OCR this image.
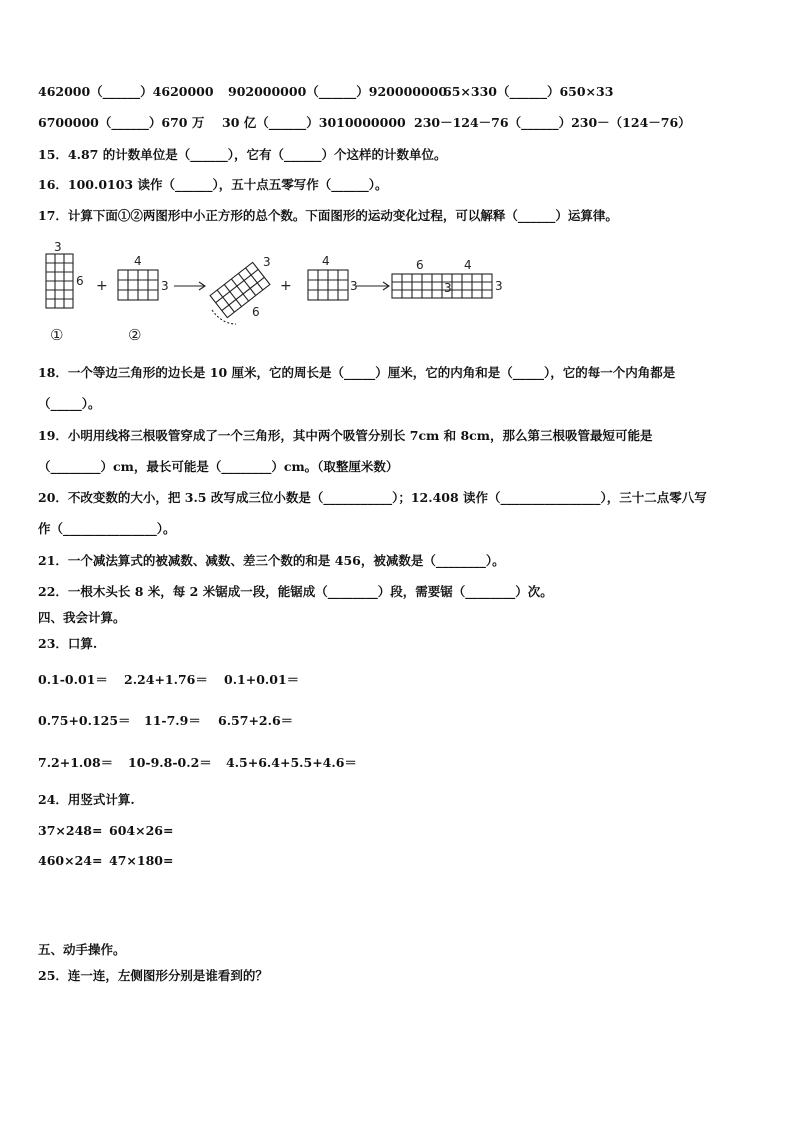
462000（______）4620000 902000000（______）920000000
65×330（______）650×33
6700000（______）670 万 30 亿（______）3010000000 230－124－76（______）230－（124－76）
15．4.87 的计数单位是（______），它有（______）个这样的计数单位。
16．100.0103 读作（______），五十点五零写作（______）。
17．计算下面①②两图形中小正方形的总个数。下面图形的运动变化过程，可以解释（______）运算律。
3
6
①
+
4
3
②
3
6
+
4
3
6	4
3	3
18．一个等边三角形的边长是 10 厘米，它的周长是（_____）厘米，它的内角和是（_____），它的每一个内角都是
（_____）。
19．小明用线将三根吸管穿成了一个三角形，其中两个吸管分别长 7cm 和 8cm，那么第三根吸管最短可能是
（________）cm，最长可能是（________）cm。（取整厘米数）
20．不改变数的大小，把 3.5 改写成三位小数是（___________）；12.408 读作（________________），三十二点零八写
作（_______________）。
21．一个减法算式的被减数、减数、差三个数的和是 456，被减数是（________）。
22．一根木头长 8 米，每 2 米锯成一段，能锯成（________）段，需要锯（________）次。
四、我会计算。
23．口算.
0.1-0.01＝ 2.24+1.76＝ 0.1+0.01＝
0.75+0.125＝ 11-7.9＝ 6.57+2.6＝
7.2+1.08＝ 10-9.8-0.2＝ 4.5+6.4+5.5+4.6＝
24．用竖式计算.
37×248= 604×26=
460×24= 47×180=
五、动手操作。
25．连一连，左侧图形分别是谁看到的？
